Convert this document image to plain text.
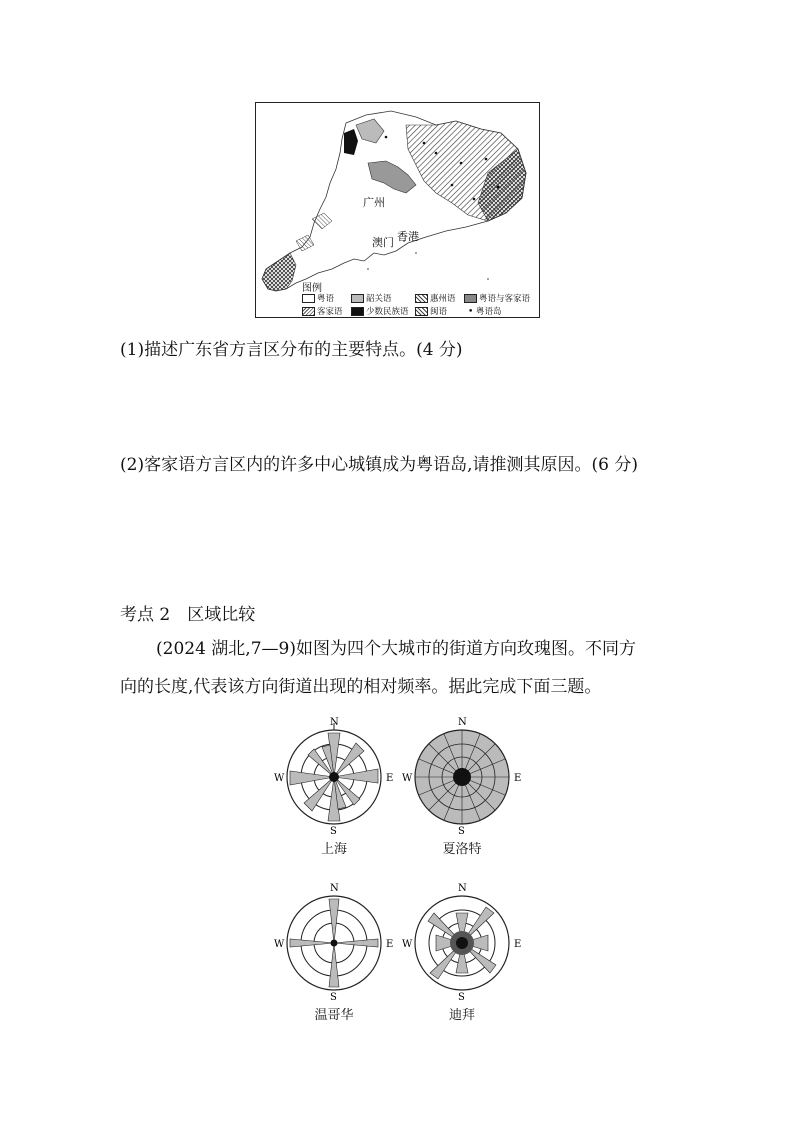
广州
香港
澳门
图例
粤语	韶关语	惠州语	粤语与客家语
客家语	少数民族语	闽语 • 粤语岛
(1)描述广东省方言区分布的主要特点。(4 分)
(2)客家语方言区内的许多中心城镇成为粤语岛,请推测其原因。(6 分)
考点 2　区域比较
(2024 湖北,7—9)如图为四个大城市的街道方向玫瑰图。不同方
向的长度,代表该方向街道出现的相对频率。据此完成下面三题。
N
S
W	E
上海
N
S
W	E
夏洛特
N
S
W	E
温哥华
N
S
W	E
迪拜
